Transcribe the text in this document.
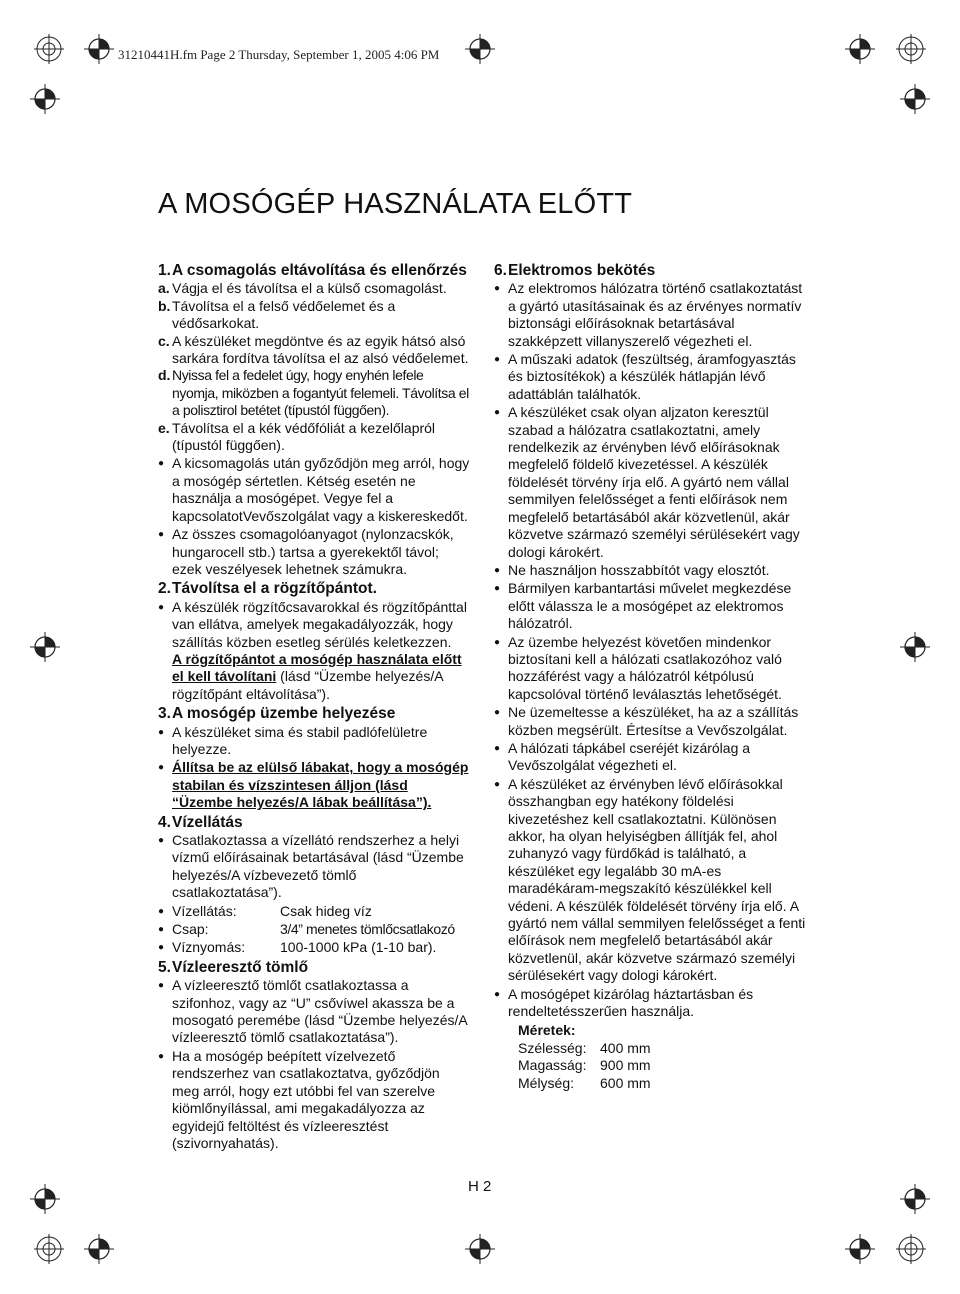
31210441H.fm Page 2 Thursday, September 1, 2005 4:06 PM
A MOSÓGÉP HASZNÁLATA ELŐTT
1. A csomagolás eltávolítása és ellenőrzés
a. Vágja el és távolítsa el a külső csomagolást.
b. Távolítsa el a felső védőelemet és a védősarkokat.
c. A készüléket megdöntve és az egyik hátsó alsó sarkára fordítva távolítsa el az alsó védőelemet.
d. Nyissa fel a fedelet úgy, hogy enyhén lefele nyomja, miközben a fogantyút felemeli. Távolítsa el a polisztirol betétet (típustól függően).
e. Távolítsa el a kék védőfóliát a kezelőlapról (típustól függően).
● A kicsomagolás után győződjön meg arról, hogy a mosógép sértetlen. Kétség esetén ne használja a mosógépet. Vegye fel a kapcsolatotVevőszolgálat vagy a kiskereskedőt.
● Az összes csomagolóanyagot (nylonzacskók, hungarocell stb.) tartsa a gyerekektől távol; ezek veszélyesek lehetnek számukra.
2. Távolítsa el a rögzítőpántot.
● A készülék rögzítőcsavarokkal és rögzítőpánttal van ellátva, amelyek megakadályozzák, hogy szállítás közben esetleg sérülés keletkezzen.
A rögzítőpántot a mosógép használata előtt el kell távolítani (lásd “Üzembe helyezés/A rögzítőpánt eltávolítása”).
3. A mosógép üzembe helyezése
● A készüléket sima és stabil padlófelületre helyezze.
● Állítsa be az elülső lábakat, hogy a mosógép stabilan és vízszintesen álljon (lásd “Üzembe helyezés/A lábak beállítása”).
4. Vízellátás
● Csatlakoztassa a vízellátó rendszerhez a helyi vízmű előírásainak betartásával (lásd “Üzembe helyezés/A vízbevezető tömlő csatlakoztatása”).
● Vízellátás:	Csak hideg víz
● Csap:	3/4” menetes tömlőcsatlakozó
● Víznyomás:	100-1000 kPa (1-10 bar).
5. Vízleeresztő tömlő
● A vízleeresztő tömlőt csatlakoztassa a szifonhoz, vagy az “U” csővíwel akassza be a mosogató peremébe (lásd “Üzembe helyezés/A vízleeresztő tömlő csatlakoztatása”).
● Ha a mosógép beépített vízelvezető rendszerhez van csatlakoztatva, győződjön meg arról, hogy ezt utóbbi fel van szerelve kiömlőnyílással, ami megakadályozza az egyidejű feltöltést és vízleeresztést (szivornyahatás).
6. Elektromos bekötés
● Az elektromos hálózatra történő csatlakoztatást a gyártó utasításainak és az érvényes normatív biztonsági előírásoknak betartásával szakképzett villanyszerelő végezheti el.
● A műszaki adatok (feszültség, áramfogyasztás és biztosítékok) a készülék hátlapján lévő adattáblán találhatók.
● A készüléket csak olyan aljzaton keresztül szabad a hálózatra csatlakoztatni, amely rendelkezik az érvényben lévő előírásoknak megfelelő földelő kivezetéssel. A készülék földelését törvény írja elő. A gyártó nem vállal semmilyen felelősséget a fenti előírások nem megfelelő betartásából akár közvetlenül, akár közvetve származó személyi sérülésekért vagy dologi károkért.
● Ne használjon hosszabbítót vagy elosztót.
● Bármilyen karbantartási művelet megkezdése előtt válassza le a mosógépet az elektromos hálózatról.
● Az üzembe helyezést követően mindenkor biztosítani kell a hálózati csatlakozóhoz való hozzáférést vagy a hálózatról kétpólusú kapcsolóval történő leválasztás lehetőségét.
● Ne üzemeltesse a készüléket, ha az a szállítás közben megsérült. Értesítse a Vevőszolgálat.
● A hálózati tápkábel cseréjét kizárólag a Vevőszolgálat végezheti el.
● A készüléket az érvényben lévő előírásokkal összhangban egy hatékony földelési kivezetéshez kell csatlakoztatni. Különösen akkor, ha olyan helyiségben állítják fel, ahol zuhanyzó vagy fürdőkád is található, a készüléket egy legalább 30 mA-es maradékáram-megszakító készülékkel kell védeni. A készülék földelését törvény írja elő. A gyártó nem vállal semmilyen felelősséget a fenti előírások nem megfelelő betartásából akár közvetlenül, akár közvetve származó személyi sérülésekért vagy dologi károkért.
● A mosógépet kizárólag háztartásban és rendeltetésszerűen használja.
Méretek:
Szélesség: 400 mm
Magasság: 900 mm
Mélység:	600 mm
H 2
